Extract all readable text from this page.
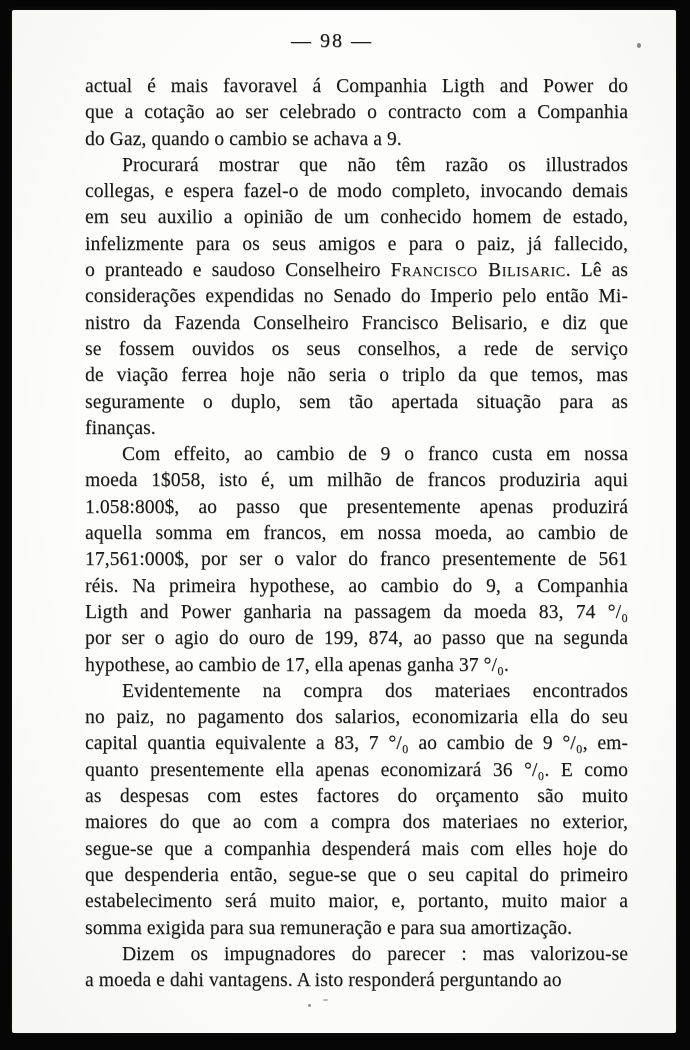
— 98 —
actual é mais favoravel á Companhia Ligth and Power do
que a cotação ao ser celebrado o contracto com a Companhia
do Gaz, quando o cambio se achava a 9.
Procurará mostrar que não têm razão os illustrados
collegas, e espera fazel-o de modo completo, invocando demais
em seu auxilio a opinião de um conhecido homem de estado,
infelizmente para os seus amigos e para o paiz, já fallecido,
o pranteado e saudoso Conselheiro Francisco Bilisaric. Lê as
considerações expendidas no Senado do Imperio pelo então Mi-
nistro da Fazenda Conselheiro Francisco Belisario, e diz que
se fossem ouvidos os seus conselhos, a rede de serviço
de viação ferrea hoje não seria o triplo da que temos, mas
seguramente o duplo, sem tão apertada situação para as
finanças.
Com effeito, ao cambio de 9 o franco custa em nossa
moeda 1$058, isto é, um milhão de francos produziria aqui
1.058:800$, ao passo que presentemente apenas produzirá
aquella somma em francos, em nossa moeda, ao cambio de
17,561:000$, por ser o valor do franco presentemente de 561
réis. Na primeira hypothese, ao cambio do 9, a Companhia
Ligth and Power ganharia na passagem da moeda 83, 74 °/₀
por ser o agio do ouro de 199, 874, ao passo que na segunda
hypothese, ao cambio de 17, ella apenas ganha 37 °/₀.
Evidentemente na compra dos materiaes encontrados
no paiz, no pagamento dos salarios, economizaria ella do seu
capital quantia equivalente a 83, 7 °/₀ ao cambio de 9 °/₀, em-
quanto presentemente ella apenas economizará 36 °/₀. E como
as despesas com estes factores do orçamento são muito
maiores do que ao com a compra dos materiaes no exterior,
segue-se que a companhia despenderá mais com elles hoje do
que despenderia então, segue-se que o seu capital do primeiro
estabelecimento será muito maior, e, portanto, muito maior a
somma exigida para sua remuneração e para sua amortização.
Dizem os impugnadores do parecer : mas valorizou-se
a moeda e dahi vantagens. A isto responderá perguntando ao
